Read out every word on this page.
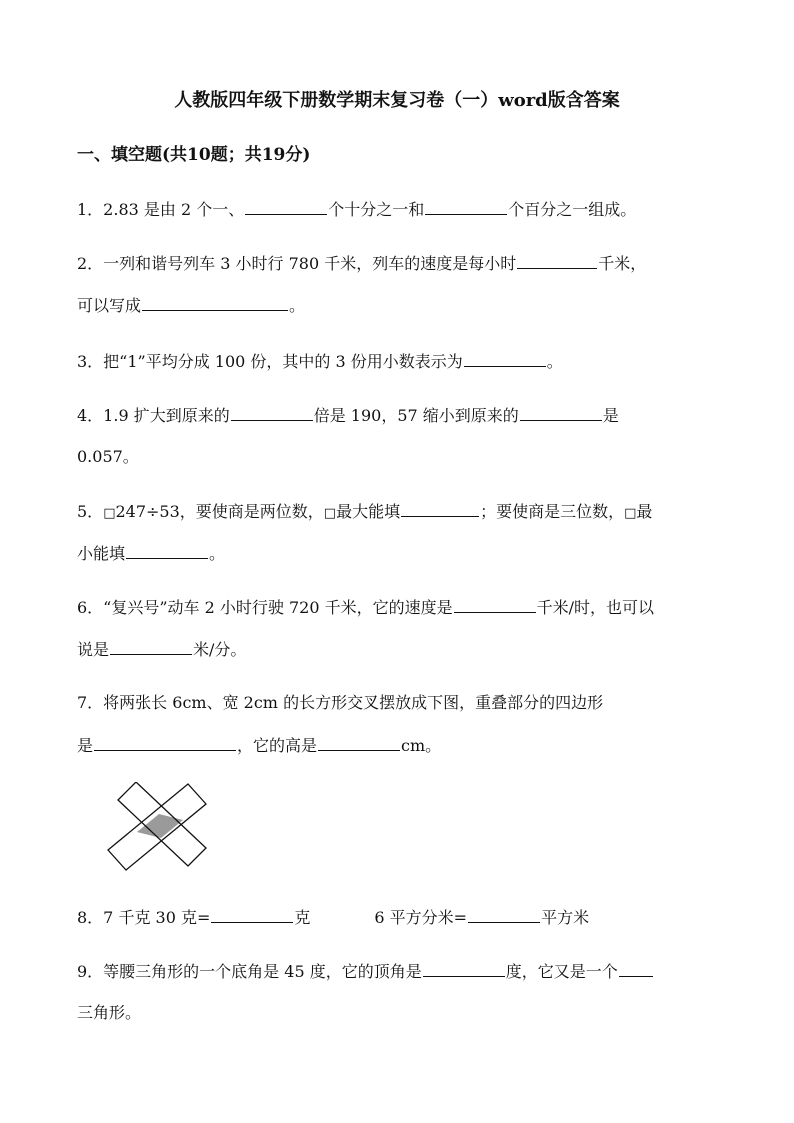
人教版四年级下册数学期末复习卷（一）word版含答案
一、填空题(共10题；共19分)
1．2.83 是由 2 个一、	个十分之一和	个百分之一组成。
2．一列和谐号列车 3 小时行 780 千米，列车的速度是每小时	千米，
可以写成	。
3．把“1”平均分成 100 份，其中的 3 份用小数表示为	。
4．1.9 扩大到原来的	倍是 190，57 缩小到原来的	是
0.057。
5．□247÷53，要使商是两位数，□最大能填	；要使商是三位数，□最
小能填	。
6．“复兴号”动车 2 小时行驶 720 千米，它的速度是	千米/时，也可以
说是	米/分。
7．将两张长 6cm、宽 2cm 的长方形交叉摆放成下图，重叠部分的四边形
是	，它的高是	cm。
8．7 千克 30 克=	克	6 平方分米=	平方米
9．等腰三角形的一个底角是 45 度，它的顶角是	度，它又是一个
三角形。
